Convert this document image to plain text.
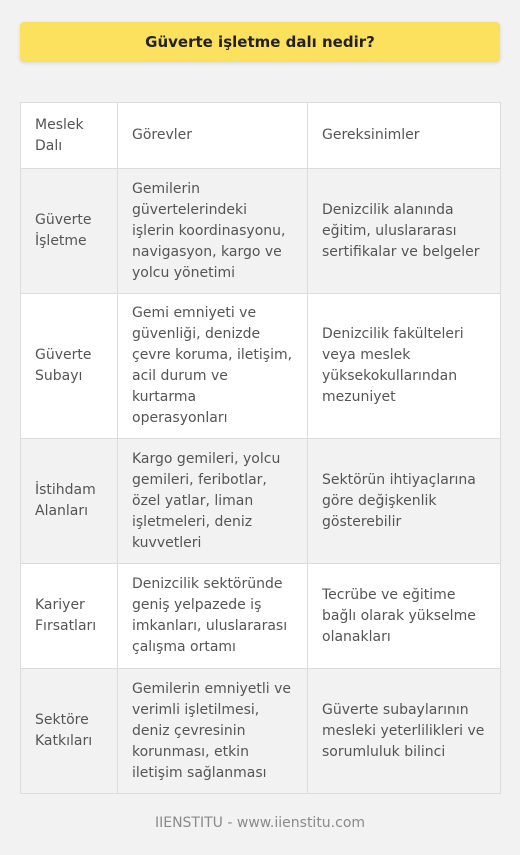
Güverte işletme dalı nedir?
Meslek Dalı	Görevler	Gereksinimler
Güverte İşletme	Gemilerin güvertelerindeki işlerin koordinasyonu, navigasyon, kargo ve yolcu yönetimi	Denizcilik alanında eğitim, uluslararası sertifikalar ve belgeler
Güverte Subayı	Gemi emniyeti ve güvenliği, denizde çevre koruma, iletişim, acil durum ve kurtarma operasyonları	Denizcilik fakülteleri veya meslek yüksekokullarından mezuniyet
İstihdam Alanları	Kargo gemileri, yolcu gemileri, feribotlar, özel yatlar, liman işletmeleri, deniz kuvvetleri	Sektörün ihtiyaçlarına göre değişkenlik gösterebilir
Kariyer Fırsatları	Denizcilik sektöründe geniş yelpazede iş imkanları, uluslararası çalışma ortamı	Tecrübe ve eğitime bağlı olarak yükselme olanakları
Sektöre Katkıları	Gemilerin emniyetli ve verimli işletilmesi, deniz çevresinin korunması, etkin iletişim sağlanması	Güverte subaylarının mesleki yeterlilikleri ve sorumluluk bilinci
IIENSTITU - www.iienstitu.com
